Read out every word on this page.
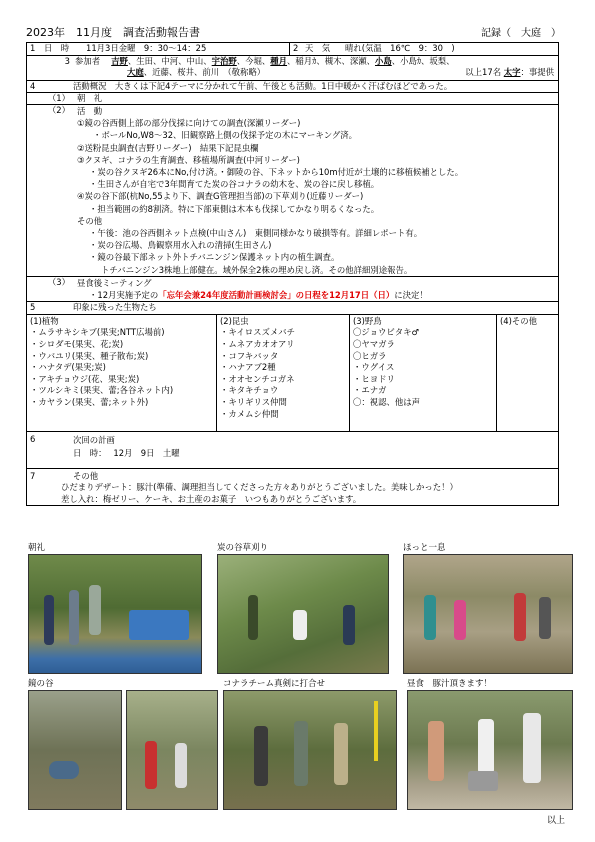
2023年　11月度　調査活動報告書	記録（　大庭　）
1	日　時	11月3日金曜　9：30～14：25	2 天　気	晴れ(気温　16℃　9：30　)
3 参加者　 吉野、生田、中河、中山、宇治野、今堀、種月、稲月ｶ、槻木、深瀬、小島、小島ｶ、坂梨、
大庭、近藤、桜井、前川　（敬称略）	以上17名 太字：事提供
4	活動概況　大きくは下記4テーマに分かれて午前、午後とも活動。1日中暖かく汗ばむほどであった。
（1） 朝　礼
（2） 活　動
①鏡の谷西側上部の部分伐採に向けての調査(深瀬リーダー)
・ボールNo,W8～32、旧観察路上側の伐採予定の木にマーキング済。
②送粉昆虫調査(吉野リーダー)　結果下記昆虫欄
③クヌギ、コナラの生育調査、移植場所調査(中河リーダー)
・炭の谷クヌギ26本にNo,付け済。・御陵の谷、下ネットから10m付近が土壌的に移植候補とした。
・生田さんが自宅で3年間育てた炭の谷コナラの幼木を、炭の谷に戻し移植。
④炭の谷下部(杭No,55より下、調査G管理担当部)の下草刈り(近藤リーダー)
・担当範囲の約8割済。特に下部東側は木本も伐採してかなり明るくなった。
その他
・午後：池の谷西側ネット点検(中山さん)　東側同様かなり破損等有。詳細レポート有。
・炭の谷広場、鳥観察用水入れの清掃(生田さん)
・鏡の谷最下部ネット外トチバニンジン保護ネット内の植生調査。
トチバニンジン3株地上部健在。域外保全2株の埋め戻し済。その他詳細別途報告。
（3） 昼食後ミーティング
・12月実施予定の「忘年会兼24年度活動計画検討会」の日程を12月17日（日）に決定！
5	印象に残った生物たち
(1)植物
・ムラサキシキブ(果実;NTT広場前)
・シロダモ(果実、花;炭)
・ウバユリ(果実、種子散布;炭)
・ハナタデ(果実;炭)
・アキチョウジ(花、果実;炭)
・ツルシキミ(果実、蕾;各谷ネット内)
・カヤラン(果実、蕾;ネット外)
(2)昆虫
・キイロスズメバチ
・ムネアカオオアリ
・コフキバッタ
・ハナアブ2種
・オオセンチコガネ
・キタキチョウ
・キリギリス仲間
・カメムシ仲間
(3)野鳥
〇ジョウビタキ♂
〇ヤマガラ
〇ヒガラ
・ウグイス
・ヒヨドリ
・エナガ
〇：視認、他は声
(4)その他
6	次回の計画
日　時：　 12月　9日　土曜
7	その他
ひだまりデザート：豚汁(準備、調理担当してくださった方々ありがとうございました。美味しかった！）
差し入れ：梅ゼリー、ケーキ、お土産のお菓子　いつもありがとうございます。
朝礼	炭の谷草刈り	ほっと一息
鏡の谷	コナラチーム真剣に打合せ	昼食　豚汁頂きます！
以上
